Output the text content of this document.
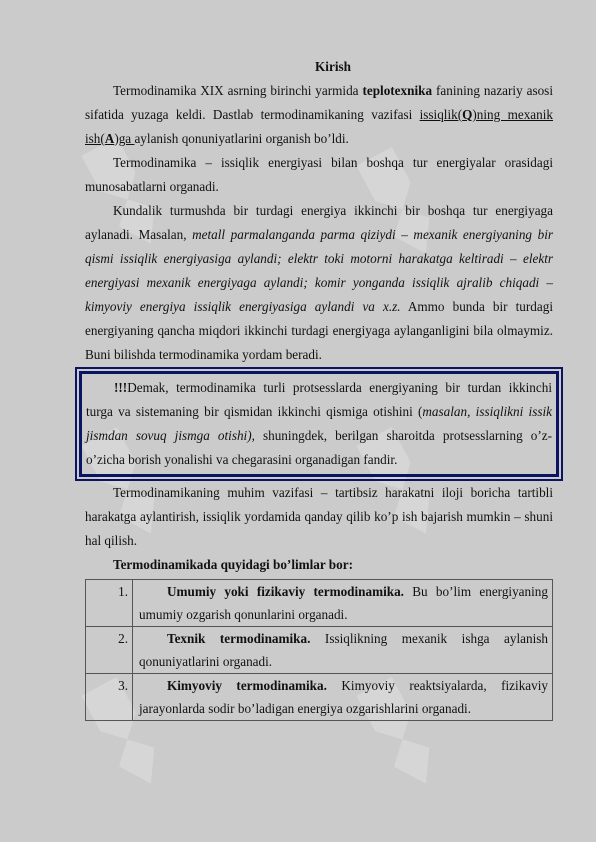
Kirish

Termodinamika XIX asrning birinchi yarmida teplotexnika fanining nazariy asosi sifatida yuzaga keldi. Dastlab termodinamikaning vazifasi issiqlik(Q)ning mexanik ish(A)ga aylanish qonuniyatlarini organish bo’ldi.

Termodinamika – issiqlik energiyasi bilan boshqa tur energiyalar orasidagi munosabatlarni organadi.

Kundalik turmushda bir turdagi energiya ikkinchi bir boshqa tur energiyaga aylanadi. Masalan, metall parmalanganda parma qiziydi – mexanik energiyaning bir qismi issiqlik energiyasiga aylandi; elektr toki motorni harakatga keltiradi – elektr energiyasi mexanik energiyaga aylandi; komir yonganda issiqlik ajralib chiqadi – kimyoviy energiya issiqlik energiyasiga aylandi va x.z. Ammo bunda bir turdagi energiyaning qancha miqdori ikkinchi turdagi energiyaga aylanganligini bila olmaymiz. Buni bilishda termodinamika yordam beradi.

!!!Demak, termodinamika turli protsesslarda energiyaning bir turdan ikkinchi turga va sistemaning bir qismidan ikkinchi qismiga otishini (masalan, issiqlikni issik jismdan sovuq jismga otishi), shuningdek, berilgan sharoitda protsesslarning o’z-o’zicha borish yonalishi va chegarasini organadigan fandir.

Termodinamikaning muhim vazifasi – tartibsiz harakatni iloji boricha tartibli harakatga aylantirish, issiqlik yordamida qanday qilib ko’p ish bajarish mumkin – shuni hal qilish.

Termodinamikada quyidagi bo’limlar bor:

1.	Umumiy yoki fizikaviy termodinamika. Bu bo’lim energiyaning umumiy ozgarish qonunlarini organadi.
2.	Texnik termodinamika. Issiqlikning mexanik ishga aylanish qonuniyatlarini organadi.
3.	Kimyoviy termodinamika. Kimyoviy reaktsiyalarda, fizikaviy jarayonlarda sodir bo’ladigan energiya ozgarishlarini organadi.
